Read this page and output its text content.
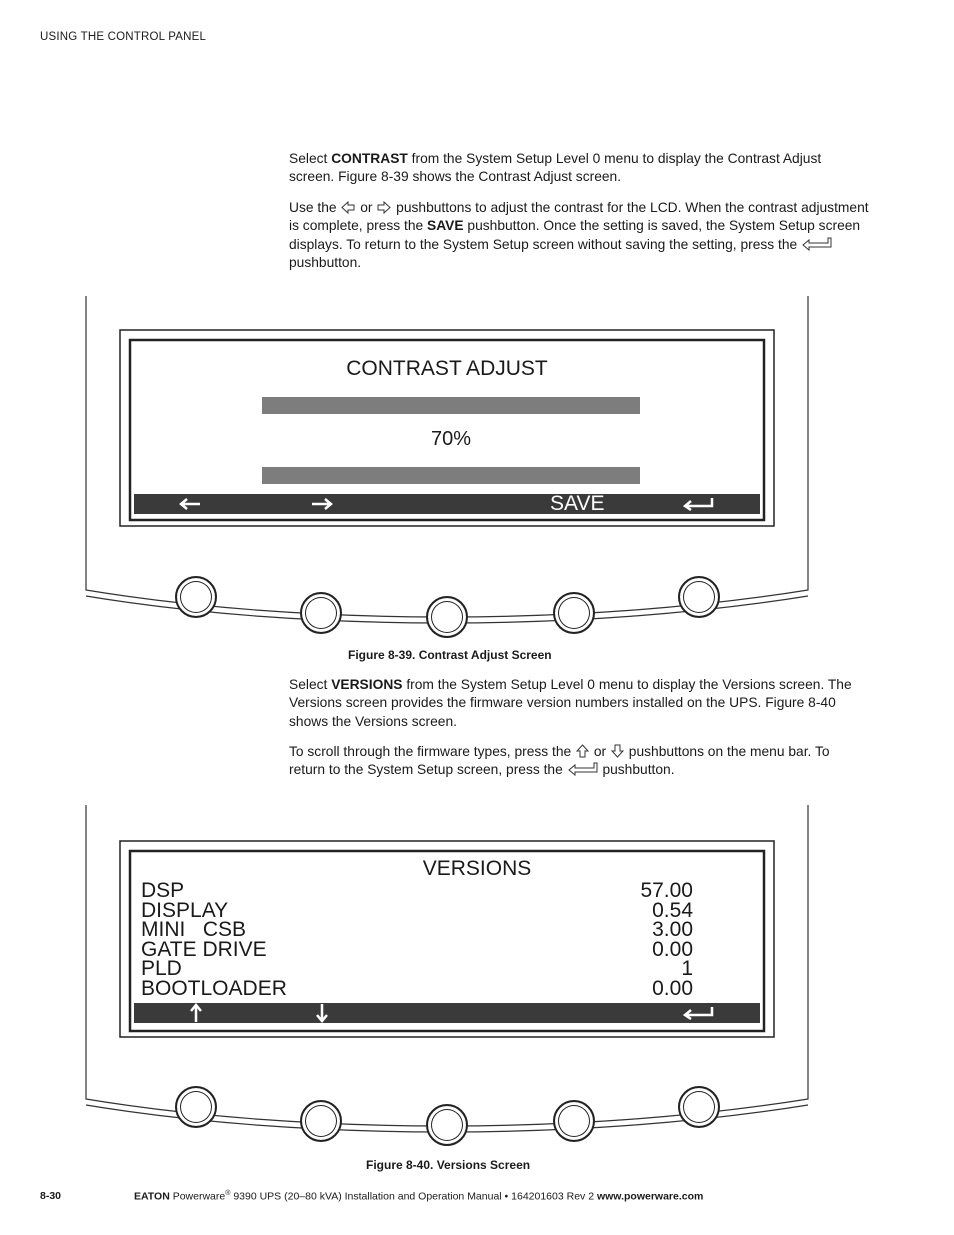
USING THE CONTROL PANEL
Select CONTRAST from the System Setup Level 0 menu to display the Contrast Adjust screen. Figure 8-39 shows the Contrast Adjust screen.
Use the  or  pushbuttons to adjust the contrast for the LCD. When the contrast adjustment is complete, press the SAVE pushbutton. Once the setting is saved, the System Setup screen displays. To return to the System Setup screen without saving the setting, press the  pushbutton.
CONTRAST ADJUST
70%
SAVE
Figure 8-39. Contrast Adjust Screen
Select VERSIONS from the System Setup Level 0 menu to display the Versions screen. The Versions screen provides the firmware version numbers installed on the UPS. Figure 8-40 shows the Versions screen.
To scroll through the firmware types, press the  or  pushbuttons on the menu bar. To return to the System Setup screen, press the  pushbutton.
VERSIONS
DSP	57.00
DISPLAY	0.54
MINI   CSB	3.00
GATE DRIVE	0.00
PLD	1
BOOTLOADER	0.00
Figure 8-40. Versions Screen
8-30	EATON Powerware® 9390 UPS (20–80 kVA) Installation and Operation Manual • 164201603 Rev 2 www.powerware.com
